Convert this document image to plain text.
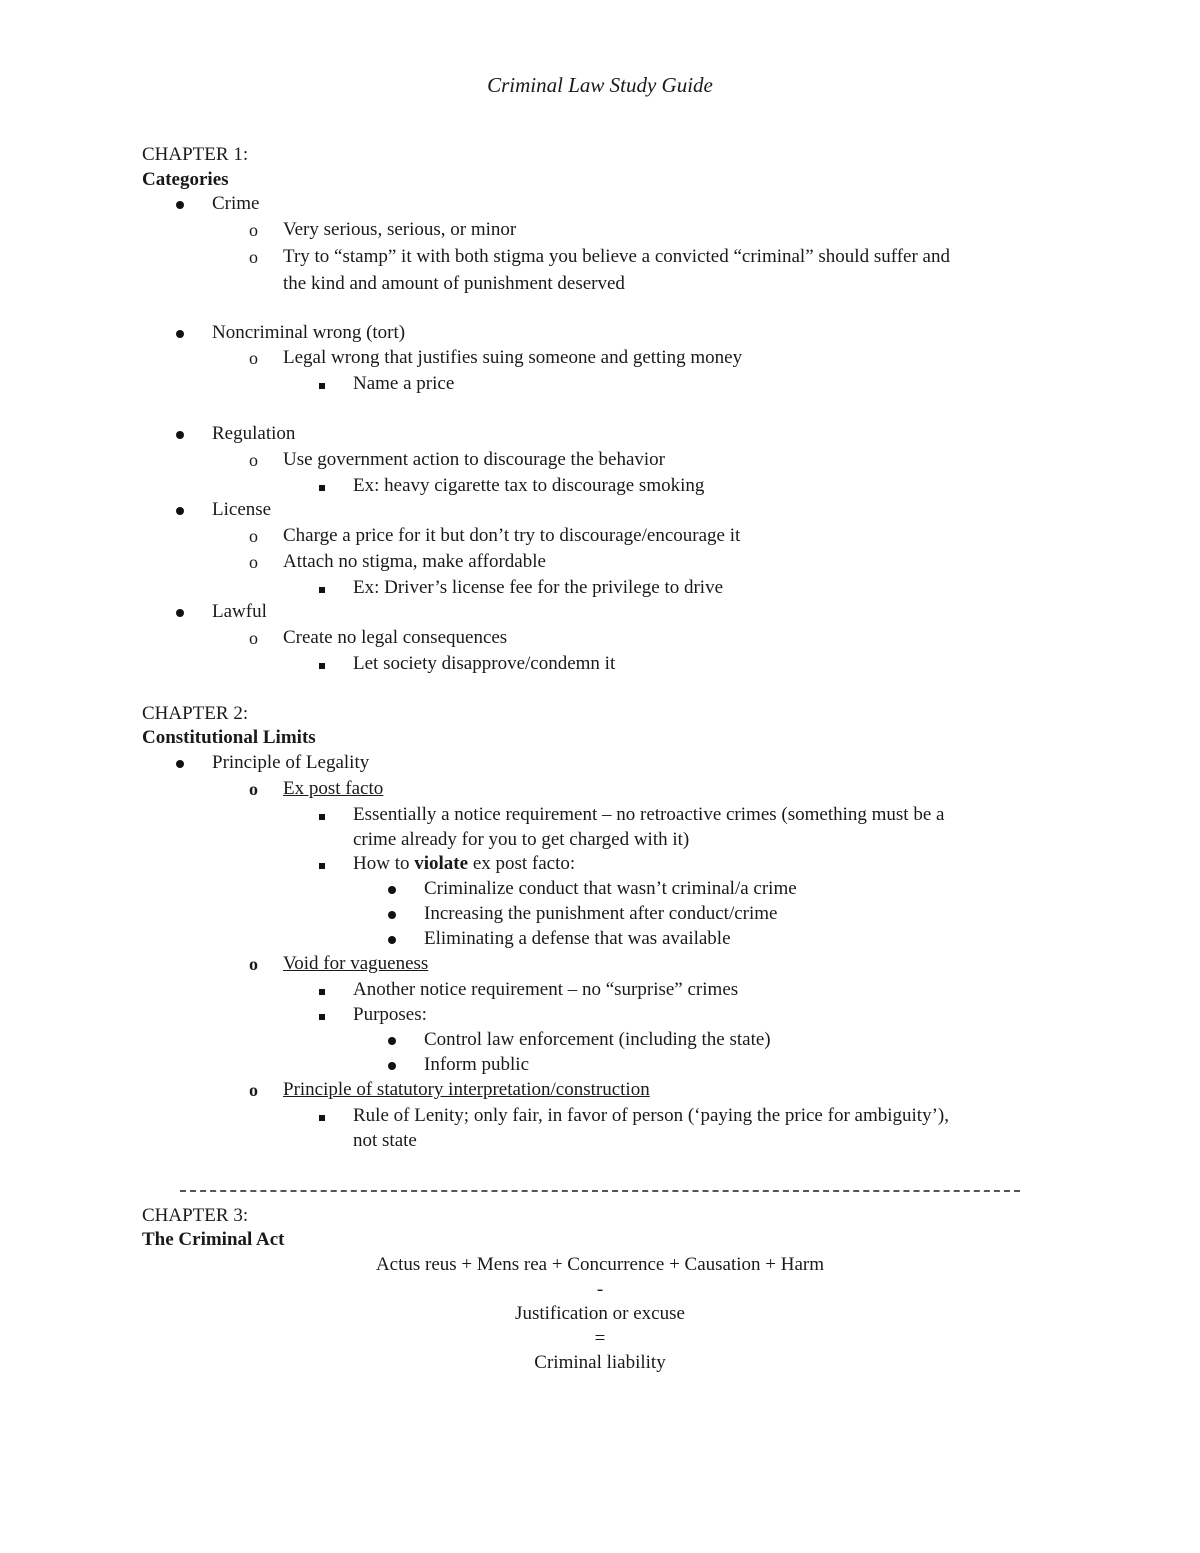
Criminal Law Study Guide
CHAPTER 1:
Categories
Crime
o Very serious, serious, or minor
o Try to “stamp” it with both stigma you believe a convicted “criminal” should suffer and
the kind and amount of punishment deserved
Noncriminal wrong (tort)
o Legal wrong that justifies suing someone and getting money
Name a price
Regulation
o Use government action to discourage the behavior
Ex: heavy cigarette tax to discourage smoking
License
o Charge a price for it but don’t try to discourage/encourage it
o Attach no stigma, make affordable
Ex: Driver’s license fee for the privilege to drive
Lawful
o Create no legal consequences
Let society disapprove/condemn it
CHAPTER 2:
Constitutional Limits
Principle of Legality
o Ex post facto
Essentially a notice requirement – no retroactive crimes (something must be a
crime already for you to get charged with it)
How to violate ex post facto:
Criminalize conduct that wasn’t criminal/a crime
Increasing the punishment after conduct/crime
Eliminating a defense that was available
o Void for vagueness
Another notice requirement – no “surprise” crimes
Purposes:
Control law enforcement (including the state)
Inform public
o Principle of statutory interpretation/construction
Rule of Lenity; only fair, in favor of person (‘paying the price for ambiguity’),
not state
CHAPTER 3:
The Criminal Act
Actus reus + Mens rea + Concurrence + Causation + Harm
-
Justification or excuse
=
Criminal liability
